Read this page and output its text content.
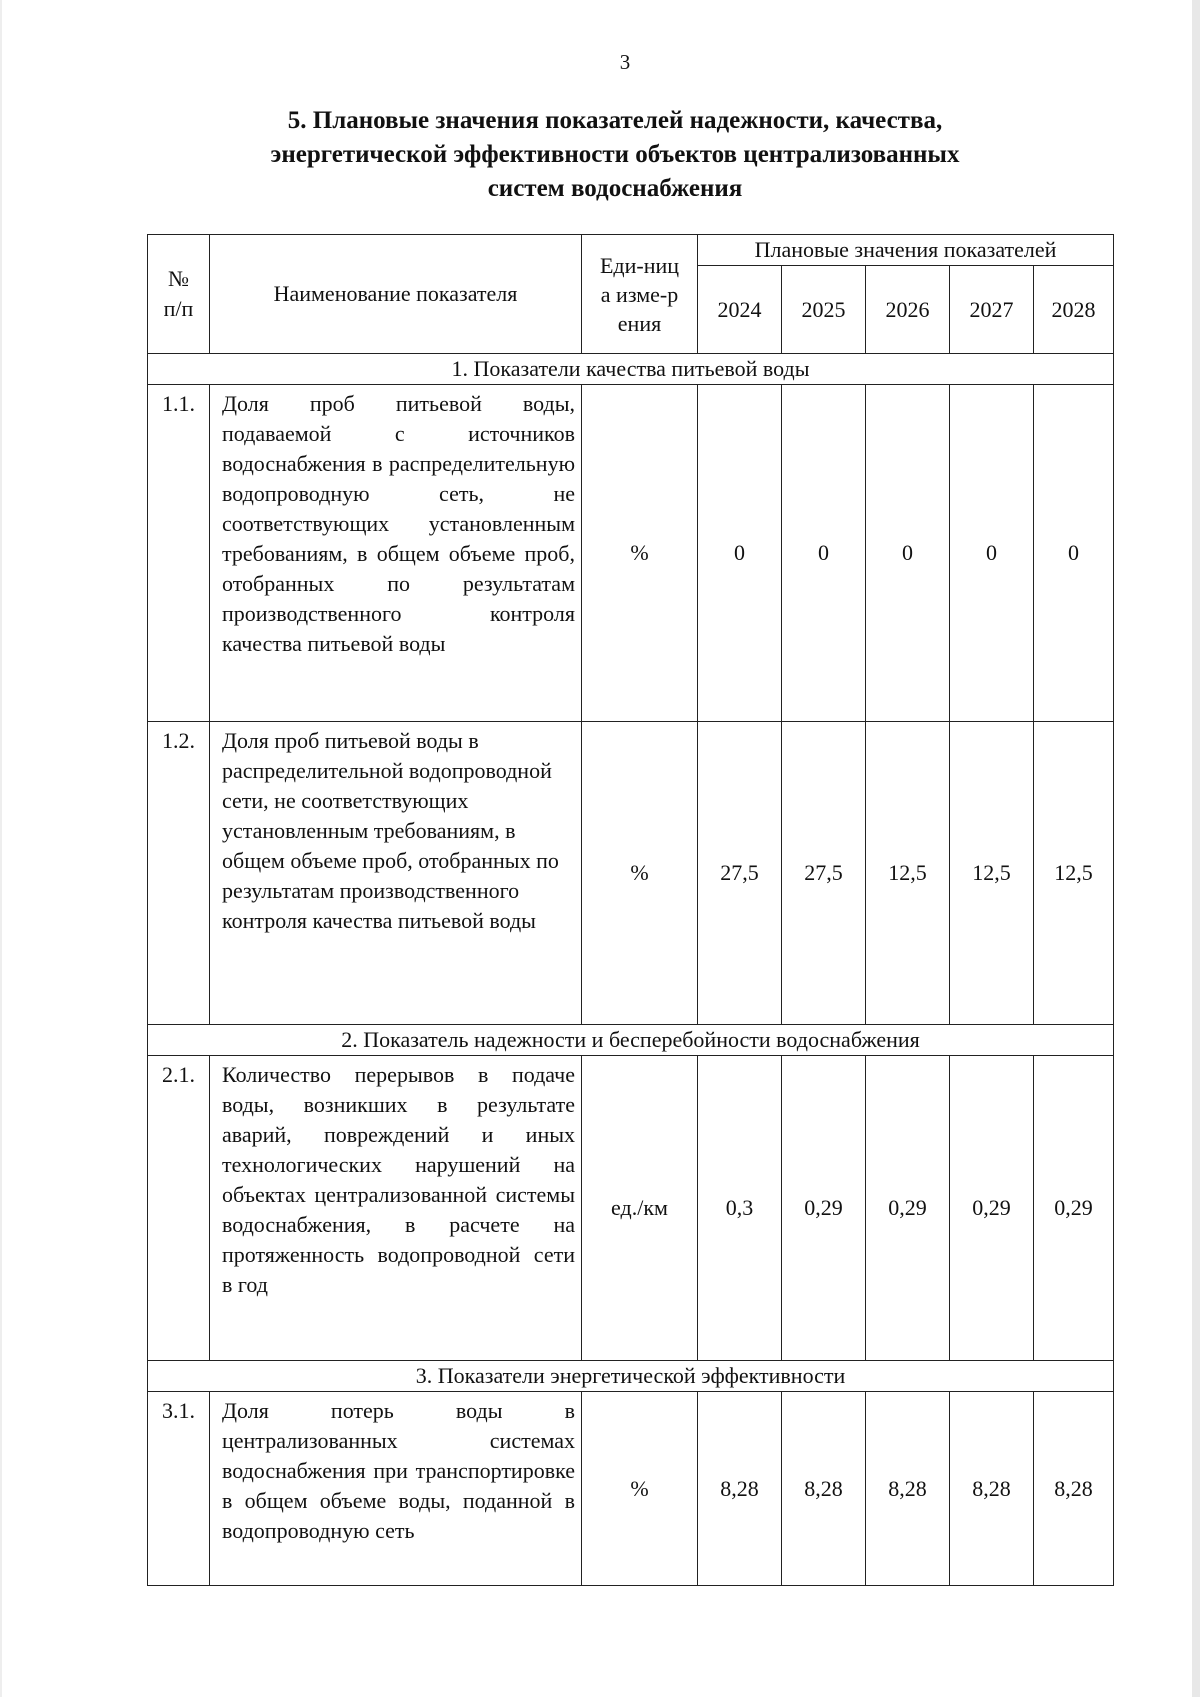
3
5. Плановые значения показателей надежности, качества,
энергетической эффективности объектов централизованных
систем водоснабжения
№ п/п	Наименование показателя	Еди-ница изме-рения	Плановые значения показателей				
			2024	2025	2026	2027	2028
1. Показатели качества питьевой воды							
1.1.	Доля проб питьевой воды, подаваемой с источников водоснабжения в распределительную водопроводную сеть, не соответствующих установленным требованиям, в общем объеме проб, отобранных по результатам производственного контроля качества питьевой воды	%	0	0	0	0	0
1.2.	Доля проб питьевой воды в распределительной водопроводной сети, не соответствующих установленным требованиям, в общем объеме проб, отобранных по результатам производственного контроля качества питьевой воды	%	27,5	27,5	12,5	12,5	12,5
2. Показатель надежности и бесперебойности водоснабжения							
2.1.	Количество перерывов в подаче воды, возникших в результате аварий, повреждений и иных технологических нарушений на объектах централизованной системы водоснабжения, в расчете на протяженность водопроводной сети в год	ед./км	0,3	0,29	0,29	0,29	0,29
3. Показатели энергетической эффективности							
3.1.	Доля потерь воды в централизованных системах водоснабжения при транспортировке в общем объеме воды, поданной в водопроводную сеть	%	8,28	8,28	8,28	8,28	8,28
